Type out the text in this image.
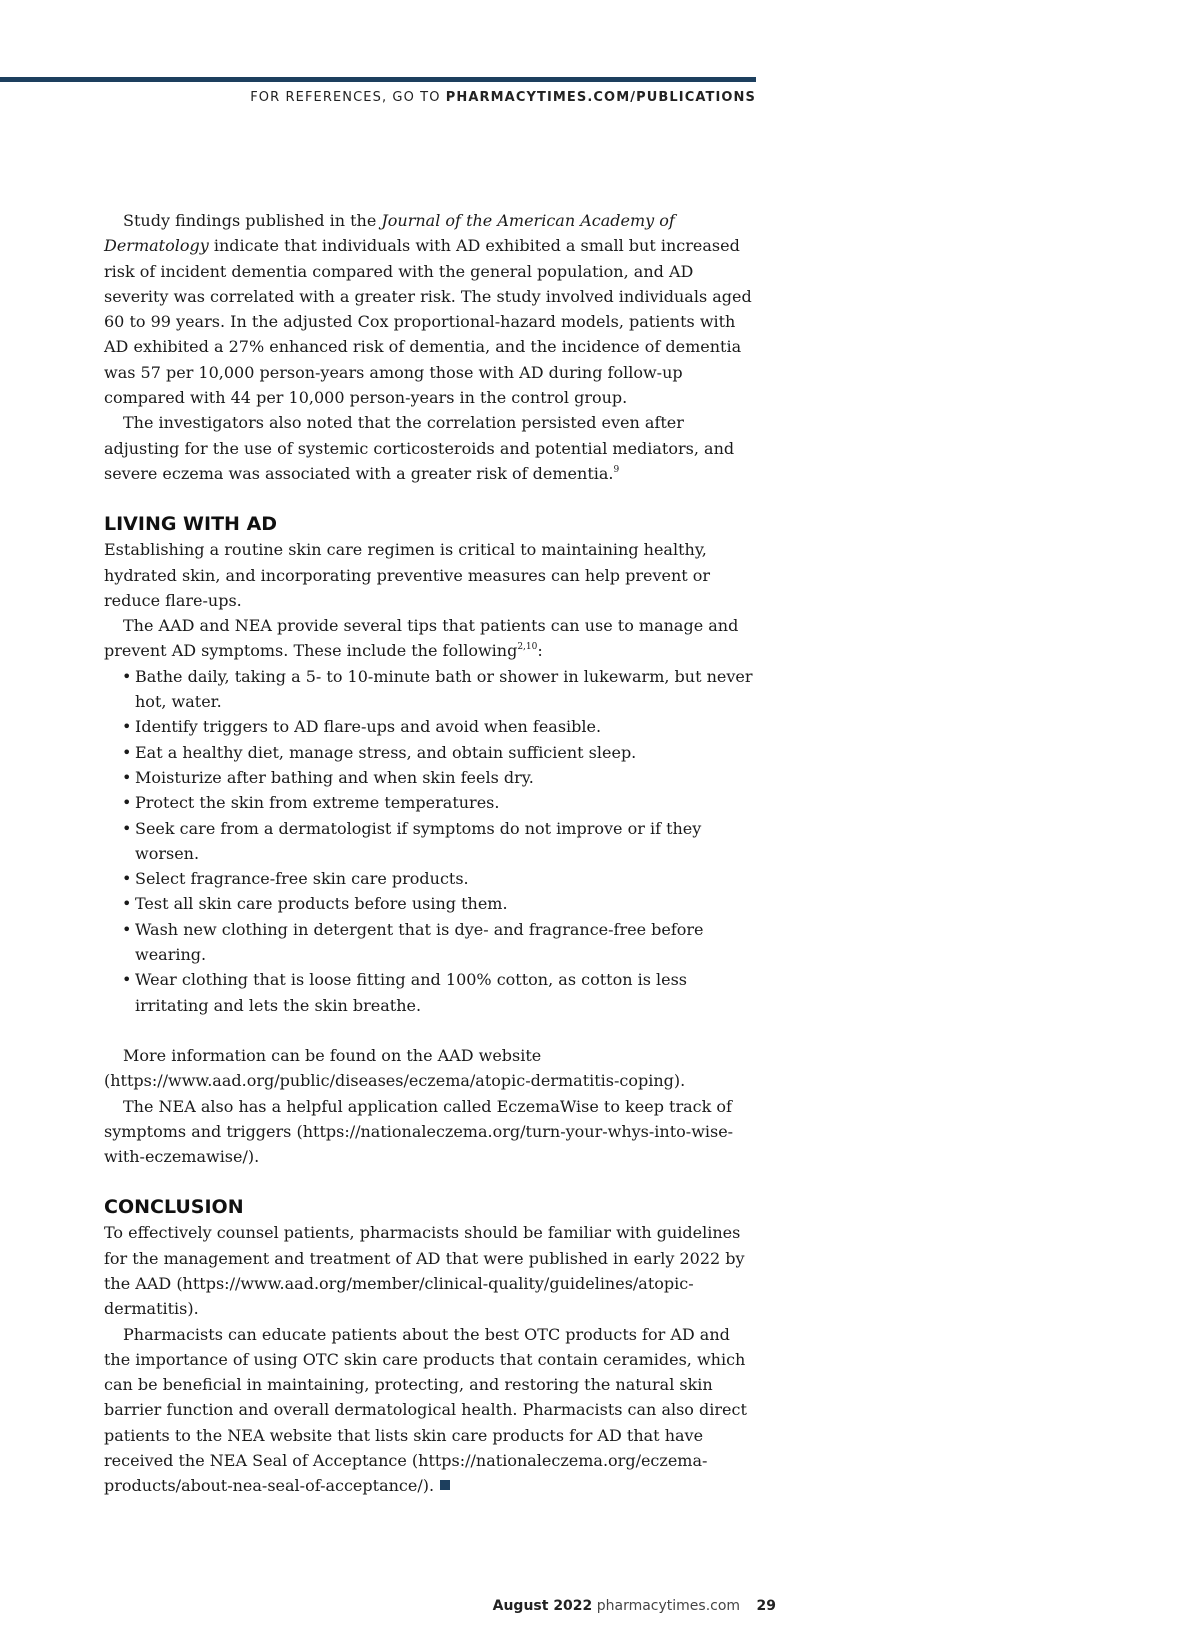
FOR REFERENCES, GO TO PHARMACYTIMES.COM/PUBLICATIONS

Study findings published in the Journal of the American Academy of Dermatology indicate that individuals with AD exhibited a small but increased risk of incident dementia compared with the general population, and AD severity was correlated with a greater risk. The study involved individuals aged 60 to 99 years. In the adjusted Cox proportional-hazard models, patients with AD exhibited a 27% enhanced risk of dementia, and the incidence of dementia was 57 per 10,000 person-years among those with AD during follow-up compared with 44 per 10,000 person-years in the control group.

The investigators also noted that the correlation persisted even after adjusting for the use of systemic corticosteroids and potential mediators, and severe eczema was associated with a greater risk of dementia.$^9$

LIVING WITH AD

Establishing a routine skin care regimen is critical to maintaining healthy, hydrated skin, and incorporating preventive measures can help prevent or reduce flare-ups.

The AAD and NEA provide several tips that patients can use to manage and prevent AD symptoms. These include the following$^{2,10}$:

• Bathe daily, taking a 5- to 10-minute bath or shower in lukewarm, but never hot, water.
• Identify triggers to AD flare-ups and avoid when feasible.
• Eat a healthy diet, manage stress, and obtain sufficient sleep.
• Moisturize after bathing and when skin feels dry.
• Protect the skin from extreme temperatures.
• Seek care from a dermatologist if symptoms do not improve or if they worsen.
• Select fragrance-free skin care products.
• Test all skin care products before using them.
• Wash new clothing in detergent that is dye- and fragrance-free before wearing.
• Wear clothing that is loose fitting and 100% cotton, as cotton is less irritating and lets the skin breathe.

More information can be found on the AAD website (https://www.aad.org/public/diseases/eczema/atopic-dermatitis-coping).

The NEA also has a helpful application called EczemaWise to keep track of symptoms and triggers (https://nationaleczema.org/turn-your-whys-into-wise-with-eczemawise/).

CONCLUSION

To effectively counsel patients, pharmacists should be familiar with guidelines for the management and treatment of AD that were published in early 2022 by the AAD (https://www.aad.org/member/clinical-quality/guidelines/atopic-dermatitis).

Pharmacists can educate patients about the best OTC products for AD and the importance of using OTC skin care products that contain ceramides, which can be beneficial in maintaining, protecting, and restoring the natural skin barrier function and overall dermatological health. Pharmacists can also direct patients to the NEA website that lists skin care products for AD that have received the NEA Seal of Acceptance (https://nationaleczema.org/eczema-products/about-nea-seal-of-acceptance/).

August 2022 pharmacytimes.com 29
